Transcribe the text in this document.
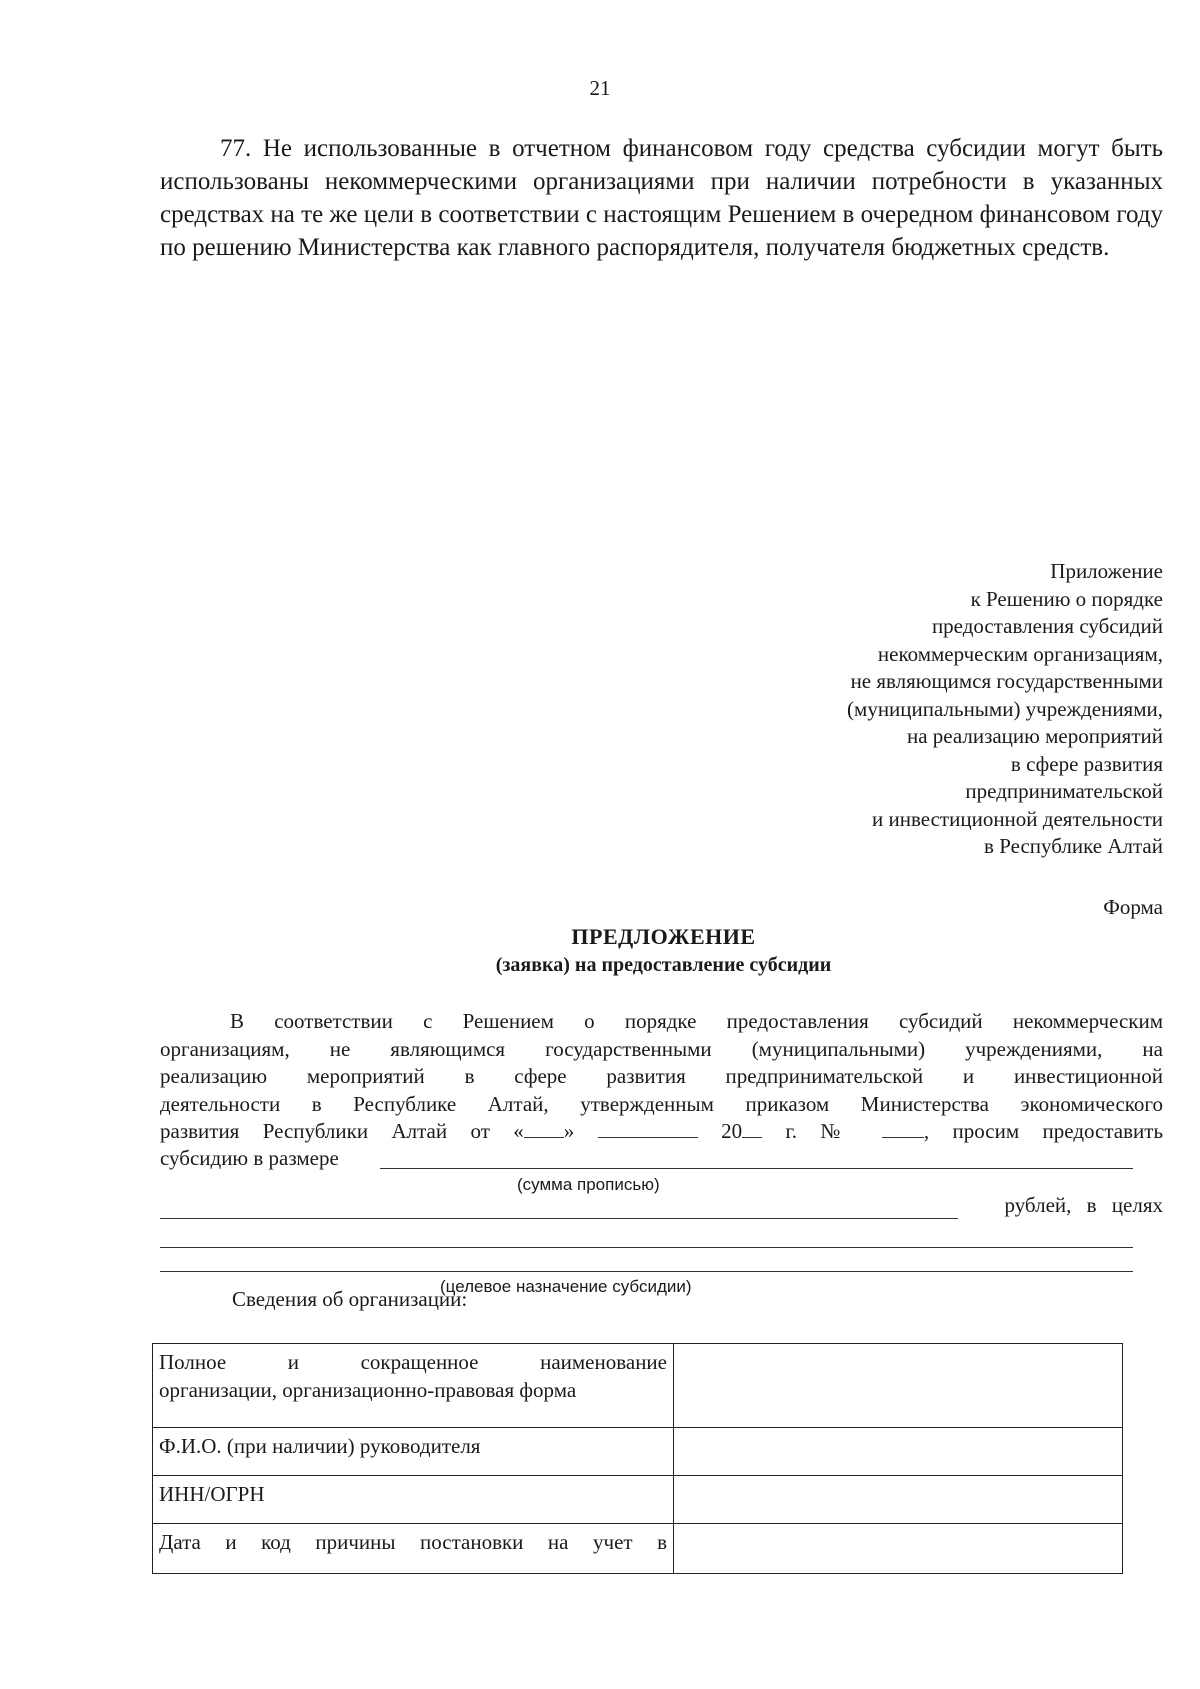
21

77. Не использованные в отчетном финансовом году средства субсидии могут быть использованы некоммерческими организациями при наличии потребности в указанных средствах на те же цели в соответствии с настоящим Решением в очередном финансовом году по решению Министерства как главного распорядителя, получателя бюджетных средств.

Приложение
к Решению о порядке
предоставления субсидий
некоммерческим организациям,
не являющимся государственными
(муниципальными) учреждениями,
на реализацию мероприятий
в сфере развития
предпринимательской
и инвестиционной деятельности
в Республике Алтай
Форма
ПРЕДЛОЖЕНИЕ
(заявка) на предоставление субсидии
В соответствии с Решением о порядке предоставления субсидий некоммерческим
организациям, не являющимся государственными (муниципальными) учреждениями, на
реализацию мероприятий в сфере развития предпринимательской и инвестиционной
деятельности в Республике Алтай, утвержденным приказом Министерства экономического
развития Республики Алтай от « »	20 г. №	, просим предоставить
субсидию в размере
(сумма прописью)
рублей, в целях
(целевое назначение субсидии)
Сведения об организации:
Полное и сокращенное наименование
организации, организационно-правовая форма	
Ф.И.О. (при наличии) руководителя	
ИНН/ОГРН	

Дата и код причины постановки на учет в	
